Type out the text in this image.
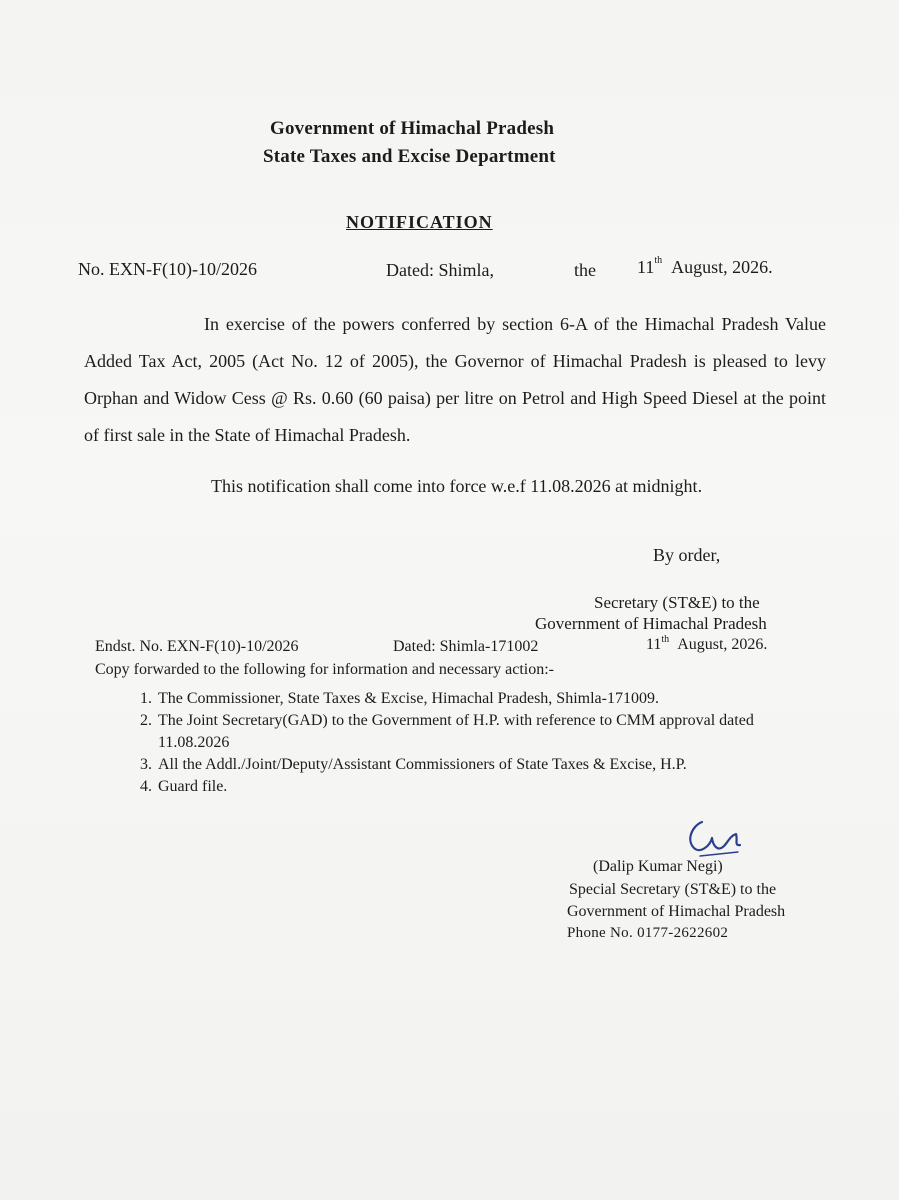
Government of Himachal Pradesh
State Taxes and Excise Department
NOTIFICATION
No. EXN-F(10)-10/2026	Dated: Shimla,	the 11th August, 2026.
In exercise of the powers conferred by section 6-A of the Himachal Pradesh Value Added Tax Act, 2005 (Act No. 12 of 2005), the Governor of Himachal Pradesh is pleased to levy Orphan and Widow Cess @ Rs. 0.60 (60 paisa) per litre on Petrol and High Speed Diesel at the point of first sale in the State of Himachal Pradesh.
This notification shall come into force w.e.f 11.08.2026 at midnight.
By order,
Secretary (ST&E) to the
Government of Himachal Pradesh
Endst. No. EXN-F(10)-10/2026	Dated: Shimla-171002	11th August, 2026.
Copy forwarded to the following for information and necessary action:-
1. The Commissioner, State Taxes & Excise, Himachal Pradesh, Shimla-171009.
2. The Joint Secretary(GAD) to the Government of H.P. with reference to CMM approval dated 11.08.2026
3. All the Addl./Joint/Deputy/Assistant Commissioners of State Taxes & Excise, H.P.
4. Guard file.
(Dalip Kumar Negi)
Special Secretary (ST&E) to the
Government of Himachal Pradesh
Phone No. 0177-2622602
